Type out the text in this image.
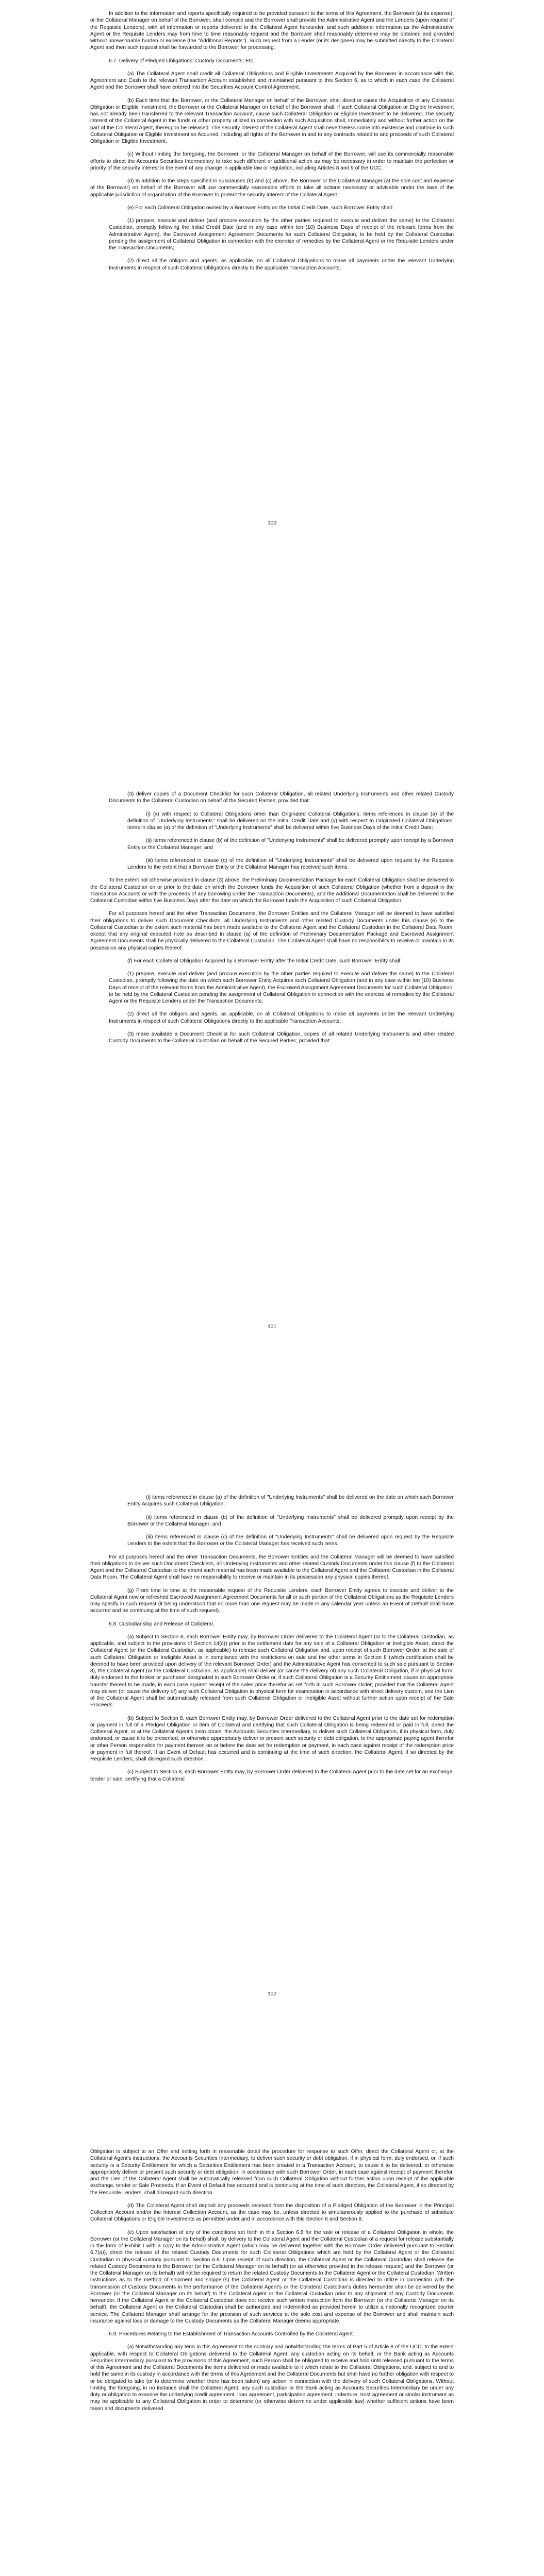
In addition to the information and reports specifically required to be provided pursuant to the terms of this Agreement, the Borrower (at its expense), or the Collateral Manager on behalf of the Borrower, shall compile and the Borrower shall provide the Administrative Agent and the Lenders (upon request of the Requisite Lenders), with all information or reports delivered to the Collateral Agent hereunder, and such additional information as the Administrative Agent or the Requisite Lenders may from time to time reasonably request and the Borrower shall reasonably determine may be obtained and provided without unreasonable burden or expense (the "Additional Reports"). Such request from a Lender (or its designee) may be submitted directly to the Collateral Agent and then such request shall be forwarded to the Borrower for processing.

6.7. Delivery of Pledged Obligations; Custody Documents; Etc.

(a) The Collateral Agent shall credit all Collateral Obligations and Eligible Investments Acquired by the Borrower in accordance with this Agreement and Cash to the relevant Transaction Account established and maintained pursuant to this Section 6, as to which in each case the Collateral Agent and the Borrower shall have entered into the Securities Account Control Agreement.

(b) Each time that the Borrower, or the Collateral Manager on behalf of the Borrower, shall direct or cause the Acquisition of any Collateral Obligation or Eligible Investment, the Borrower or the Collateral Manager on behalf of the Borrower shall, if such Collateral Obligation or Eligible Investment has not already been transferred to the relevant Transaction Account, cause such Collateral Obligation or Eligible Investment to be delivered. The security interest of the Collateral Agent in the funds or other property utilized in connection with such Acquisition shall, immediately and without further action on the part of the Collateral Agent, thereupon be released. The security interest of the Collateral Agent shall nevertheless come into existence and continue in such Collateral Obligation or Eligible Investment so Acquired, including all rights of the Borrower in and to any contracts related to and proceeds of such Collateral Obligation or Eligible Investment.

(c) Without limiting the foregoing, the Borrower, or the Collateral Manager on behalf of the Borrower, will use its commercially reasonable efforts to direct the Accounts Securities Intermediary to take such different or additional action as may be necessary in order to maintain the perfection or priority of the security interest in the event of any change in applicable law or regulation, including Articles 8 and 9 of the UCC.

(d) In addition to the steps specified in subclauses (b) and (c) above, the Borrower or the Collateral Manager (at the sole cost and expense of the Borrower) on behalf of the Borrower will use commercially reasonable efforts to take all actions necessary or advisable under the laws of the applicable jurisdiction of organization of the Borrower to protect the security interest of the Collateral Agent.

(e) For each Collateral Obligation owned by a Borrower Entity on the Initial Credit Date, such Borrower Entity shall:

(1) prepare, execute and deliver (and procure execution by the other parties required to execute and deliver the same) to the Collateral Custodian, promptly following the Initial Credit Date (and in any case within ten (10) Business Days of receipt of the relevant forms from the Administrative Agent), the Escrowed Assignment Agreement Documents for such Collateral Obligation, to be held by the Collateral Custodian pending the assignment of Collateral Obligation in connection with the exercise of remedies by the Collateral Agent or the Requisite Lenders under the Transaction Documents;

(2) direct all the obligors and agents, as applicable, on all Collateral Obligations to make all payments under the relevant Underlying Instruments in respect of such Collateral Obligations directly to the applicable Transaction Accounts;

100

(3) deliver copies of a Document Checklist for such Collateral Obligation, all related Underlying Instruments and other related Custody Documents to the Collateral Custodian on behalf of the Secured Parties; provided that:

(i) (x) with respect to Collateral Obligations other than Originated Collateral Obligations, items referenced in clause (a) of the definition of "Underlying Instruments" shall be delivered on the Initial Credit Date and (y) with respect to Originated Collateral Obligations, items in clause (a) of the definition of "Underlying Instruments" shall be delivered within five Business Days of the Initial Credit Date;

(ii) items referenced in clause (b) of the definition of "Underlying Instruments" shall be delivered promptly upon receipt by a Borrower Entity or the Collateral Manager; and

(iii) items referenced in clause (c) of the definition of "Underlying Instruments" shall be delivered upon request by the Requisite Lenders to the extent that a Borrower Entity or the Collateral Manager has received such items.

To the extent not otherwise provided in clause (3) above, the Preliminary Documentation Package for each Collateral Obligation shall be delivered to the Collateral Custodian on or prior to the date on which the Borrower funds the Acquisition of such Collateral Obligation (whether from a deposit in the Transaction Accounts or with the proceeds of any borrowing under the Transaction Documents), and the Additional Documentation shall be delivered to the Collateral Custodian within five Business Days after the date on which the Borrower funds the Acquisition of such Collateral Obligation.

For all purposes hereof and the other Transaction Documents, the Borrower Entities and the Collateral Manager will be deemed to have satisfied their obligations to deliver such Document Checklists, all Underlying Instruments and other related Custody Documents under this clause (e) to the Collateral Custodian to the extent such material has been made available to the Collateral Agent and the Collateral Custodian in the Collateral Data Room, except that any original executed note as described in clause (a) of the definition of Preliminary Documentation Package and Escrowed Assignment Agreement Documents shall be physically delivered to the Collateral Custodian. The Collateral Agent shall have no responsibility to receive or maintain in its possession any physical copies thereof.

(f) For each Collateral Obligation Acquired by a Borrower Entity after the Initial Credit Date, such Borrower Entity shall:

(1) prepare, execute and deliver (and procure execution by the other parties required to execute and deliver the same) to the Collateral Custodian, promptly following the date on which such Borrower Entity Acquires such Collateral Obligation (and in any case within ten (10) Business Days of receipt of the relevant forms from the Administrative Agent), the Escrowed Assignment Agreement Documents for such Collateral Obligation, to be held by the Collateral Custodian pending the assignment of Collateral Obligation in connection with the exercise of remedies by the Collateral Agent or the Requisite Lenders under the Transaction Documents;

(2) direct all the obligors and agents, as applicable, on all Collateral Obligations to make all payments under the relevant Underlying Instruments in respect of such Collateral Obligations directly to the applicable Transaction Accounts;

(3) make available a Document Checklist for such Collateral Obligation, copies of all related Underlying Instruments and other related Custody Documents to the Collateral Custodian on behalf of the Secured Parties; provided that:

101

(i) items referenced in clause (a) of the definition of "Underlying Instruments" shall be delivered on the date on which such Borrower Entity Acquires such Collateral Obligation;

(ii) items referenced in clause (b) of the definition of "Underlying Instruments" shall be delivered promptly upon receipt by the Borrower or the Collateral Manager; and

(iii) items referenced in clause (c) of the definition of "Underlying Instruments" shall be delivered upon request by the Requisite Lenders to the extent that the Borrower or the Collateral Manager has received such items.

For all purposes hereof and the other Transaction Documents, the Borrower Entities and the Collateral Manager will be deemed to have satisfied their obligations to deliver such Document Checklists, all Underlying Instruments and other related Custody Documents under this clause (f) to the Collateral Agent and the Collateral Custodian to the extent such material has been made available to the Collateral Agent and the Collateral Custodian in the Collateral Data Room. The Collateral Agent shall have no responsibility to receive or maintain in its possession any physical copies thereof.

(g) From time to time at the reasonable request of the Requisite Lenders, each Borrower Entity agrees to execute and deliver to the Collateral Agent new or refreshed Escrowed Assignment Agreement Documents for all or such portion of the Collateral Obligations as the Requisite Lenders may specify in such request (it being understood that no more than one request may be made in any calendar year unless an Event of Default shall have occurred and be continuing at the time of such request).

6.8. Custodianship and Release of Collateral.

(a) Subject to Section 8, each Borrower Entity may, by Borrower Order delivered to the Collateral Agent (or to the Collateral Custodian, as applicable, and subject to the provisions of Section 14(c)) prior to the settlement date for any sale of a Collateral Obligation or Ineligible Asset, direct the Collateral Agent (or the Collateral Custodian, as applicable) to release such Collateral Obligation and, upon receipt of such Borrower Order, at the sale of such Collateral Obligation or Ineligible Asset is in compliance with the restrictions on sale and the other terms in Section 8 (which certification shall be deemed to have been provided upon delivery of the relevant Borrower Order) and the Administrative Agent has consented to such sale pursuant to Section 8), the Collateral Agent (or the Collateral Custodian, as applicable) shall deliver (or cause the delivery of) any such Collateral Obligation, if in physical form, duly endorsed to the broker or purchaser designated in such Borrower Order or, if such Collateral Obligation is a Security Entitlement, cause an appropriate transfer thereof to be made, in each case against receipt of the sales price therefor as set forth in such Borrower Order; provided that the Collateral Agent may deliver (or cause the delivery of) any such Collateral Obligation in physical form for examination in accordance with street delivery custom, and the Lien of the Collateral Agent shall be automatically released from such Collateral Obligation or Ineligible Asset without further action upon receipt of the Sale Proceeds.

(b) Subject to Section 8, each Borrower Entity may, by Borrower Order delivered to the Collateral Agent prior to the date set for redemption or payment in full of a Pledged Obligation or item of Collateral and certifying that such Collateral Obligation is being redeemed or paid in full, direct the Collateral Agent, or at the Collateral Agent's instructions, the Accounts Securities Intermediary, to deliver such Collateral Obligation, if in physical form, duly endorsed, or cause it to be presented, or otherwise appropriately deliver or present such security or debt obligation, to the appropriate paying agent therefor or other Person responsible for payment thereon on or before the date set for redemption or payment, in each case against receipt of the redemption price or payment in full thereof. If an Event of Default has occurred and is continuing at the time of such direction, the Collateral Agent, if so directed by the Requisite Lenders, shall disregard such direction.

(c) Subject to Section 8, each Borrower Entity may, by Borrower Order delivered to the Collateral Agent prior to the date set for an exchange, tender or sale, certifying that a Collateral

102

Obligation is subject to an Offer and setting forth in reasonable detail the procedure for response to such Offer, direct the Collateral Agent or, at the Collateral Agent's instructions, the Accounts Securities Intermediary, to deliver such security or debt obligation, if in physical form, duly endorsed, or, if such security is a Security Entitlement for which a Securities Entitlement has been created in a Transaction Account, to cause it to be delivered, or otherwise appropriately deliver or present such security or debt obligation, in accordance with such Borrower Order, in each case against receipt of payment therefor, and the Lien of the Collateral Agent shall be automatically released from such Collateral Obligation without further action upon receipt of the applicable exchange, tender or Sale Proceeds. If an Event of Default has occurred and is continuing at the time of such direction, the Collateral Agent, if so directed by the Requisite Lenders, shall disregard such direction.

(d) The Collateral Agent shall deposit any proceeds received from the disposition of a Pledged Obligation of the Borrower in the Principal Collection Account and/or the Interest Collection Account, as the case may be, unless directed to simultaneously applied to the purchase of substitute Collateral Obligations or Eligible Investments as permitted under and in accordance with this Section 6 and Section 8.

(e) Upon satisfaction of any of the conditions set forth in this Section 6.8 for the sale or release of a Collateral Obligation in whole, the Borrower (or the Collateral Manager on its behalf) shall, by delivery to the Collateral Agent and the Collateral Custodian of a request for release substantially in the form of Exhibit I with a copy to the Administrative Agent (which may be delivered together with the Borrower Order delivered pursuant to Section 6.7(a)), direct the release of the related Custody Documents for such Collateral Obligations which are held by the Collateral Agent or the Collateral Custodian in physical custody pursuant to Section 6.8. Upon receipt of such direction, the Collateral Agent or the Collateral Custodian shall release the related Custody Documents to the Borrower (or the Collateral Manager on its behalf) (or as otherwise provided in the release request) and the Borrower (or the Collateral Manager on its behalf) will not be required to return the related Custody Documents to the Collateral Agent or the Collateral Custodian. Written instructions as to the method of shipment and shipper(s) the Collateral Agent or the Collateral Custodian is directed to utilize in connection with the transmission of Custody Documents in the performance of the Collateral Agent's or the Collateral Custodian's duties hereunder shall be delivered by the Borrower (or the Collateral Manager on its behalf) to the Collateral Agent or the Collateral Custodian prior to any shipment of any Custody Documents hereunder. If the Collateral Agent or the Collateral Custodian does not receive such written instruction from the Borrower (or the Collateral Manager on its behalf), the Collateral Agent or the Collateral Custodian shall be authorized and indemnified as provided herein to utilize a nationally recognized courier service. The Collateral Manager shall arrange for the provision of such services at the sole cost and expense of the Borrower and shall maintain such insurance against loss or damage to the Custody Documents as the Collateral Manager deems appropriate.

6.9. Procedures Relating to the Establishment of Transaction Accounts Controlled by the Collateral Agent.

(a) Notwithstanding any term in this Agreement to the contrary and notwithstanding the terms of Part 5 of Article 8 of the UCC, to the extent applicable, with respect to Collateral Obligations delivered to the Collateral Agent, any custodian acting on its behalf, or the Bank acting as Accounts Securities Intermediary pursuant to the provisions of this Agreement, such Person shall be obligated to receive and hold until released pursuant to the terms of this Agreement and the Collateral Documents the items delivered or made available to it which relate to the Collateral Obligations, and, subject to and to hold the same in its custody in accordance with the terms of this Agreement and the Collateral Documents but shall have no further obligation with respect to or be obligated to take (or to determine whether there has been taken) any action in connection with the delivery of such Collateral Obligations. Without limiting the foregoing, in no instance shall the Collateral Agent, any such custodian or the Bank acting as Accounts Securities Intermediary be under any duty or obligation to examine the underlying credit agreement, loan agreement, participation agreement, indenture, trust agreement or similar instrument as may be applicable to any Collateral Obligation in order to determine (or otherwise determine under applicable law) whether sufficient actions have been taken and documents delivered
